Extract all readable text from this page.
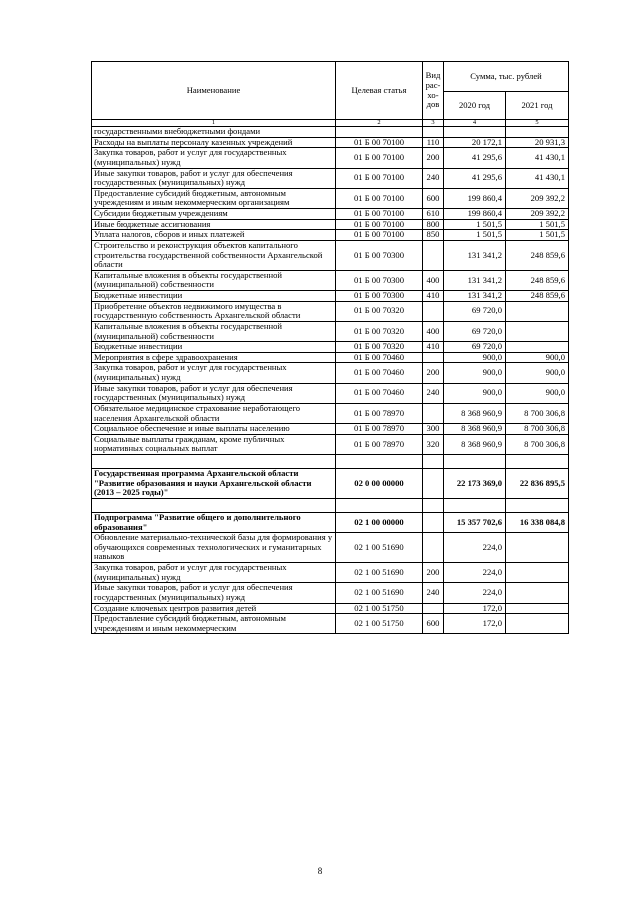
Наименование	Целевая статья	Вид рас-хо-дов	Сумма, тыс. рублей	
			2020 год	2021 год
1	2	3	4	5
государственными внебюджетными фондами				
Расходы на выплаты персоналу казенных учреждений	01 Б 00 70100	110	20 172,1	20 931,3
Закупка товаров, работ и услуг для государственных (муниципальных) нужд	01 Б 00 70100	200	41 295,6	41 430,1
Иные закупки товаров, работ и услуг для обеспечения государственных (муниципальных) нужд	01 Б 00 70100	240	41 295,6	41 430,1
Предоставление субсидий бюджетным, автономным учреждениям и иным некоммерческим организациям	01 Б 00 70100	600	199 860,4	209 392,2
Субсидии бюджетным учреждениям	01 Б 00 70100	610	199 860,4	209 392,2
Иные бюджетные ассигнования	01 Б 00 70100	800	1 501,5	1 501,5
Уплата налогов, сборов и иных платежей	01 Б 00 70100	850	1 501,5	1 501,5
Строительство и реконструкция объектов капитального строительства государственной собственности Архангельской области	01 Б 00 70300		131 341,2	248 859,6
Капитальные вложения в объекты государственной (муниципальной) собственности	01 Б 00 70300	400	131 341,2	248 859,6
Бюджетные инвестиции	01 Б 00 70300	410	131 341,2	248 859,6
Приобретение объектов недвижимого имущества в государственную собственность Архангельской области	01 Б 00 70320		69 720,0	
Капитальные вложения в объекты государственной (муниципальной) собственности	01 Б 00 70320	400	69 720,0	
Бюджетные инвестиции	01 Б 00 70320	410	69 720,0	
Мероприятия в сфере здравоохранения	01 Б 00 70460		900,0	900,0
Закупка товаров, работ и услуг для государственных (муниципальных) нужд	01 Б 00 70460	200	900,0	900,0
Иные закупки товаров, работ и услуг для обеспечения государственных (муниципальных) нужд	01 Б 00 70460	240	900,0	900,0
Обязательное медицинское страхование неработающего населения Архангельской области	01 Б 00 78970		8 368 960,9	8 700 306,8
Социальное обеспечение и иные выплаты населению	01 Б 00 78970	300	8 368 960,9	8 700 306,8
Социальные выплаты гражданам, кроме публичных нормативных социальных выплат	01 Б 00 78970	320	8 368 960,9	8 700 306,8

Государственная программа Архангельской области "Развитие образования и науки Архангельской области (2013 – 2025 годы)"	02 0 00 00000		22 173 369,0	22 836 895,5

Подпрограмма "Развитие общего и дополнительного образования"	02 1 00 00000		15 357 702,6	16 338 084,8
Обновление материально-технической базы для формирования у обучающихся современных технологических и гуманитарных навыков	02 1 00 51690		224,0	
Закупка товаров, работ и услуг для государственных (муниципальных) нужд	02 1 00 51690	200	224,0	
Иные закупки товаров, работ и услуг для обеспечения государственных (муниципальных) нужд	02 1 00 51690	240	224,0	
Создание ключевых центров развития детей	02 1 00 51750		172,0	
Предоставление субсидий бюджетным, автономным учреждениям и иным некоммерческим	02 1 00 51750	600	172,0	
8
